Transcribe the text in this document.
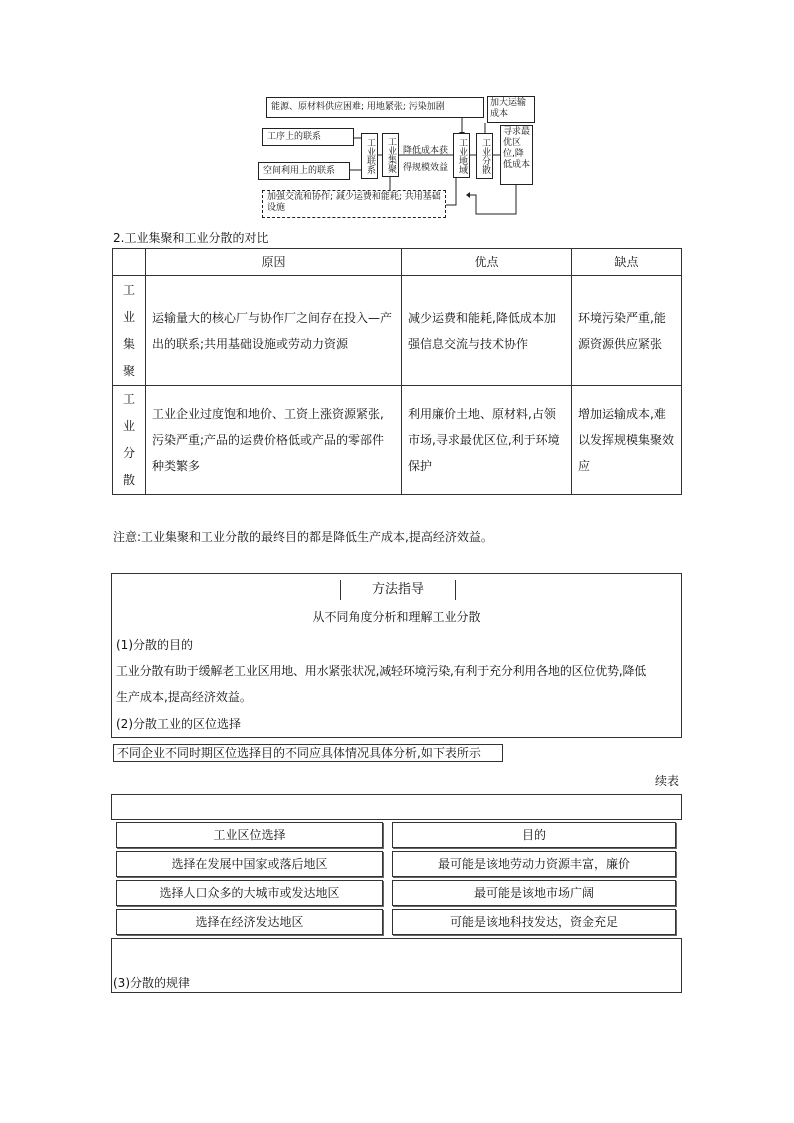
能源、原材料供应困难; 用地紧张; 污染加剧	加大运输成本
工序上的联系
空间利用上的联系	工业联系	工业集聚 降低成本获
得规模效益 工业地域	工业分散
寻求最优区位,降低成本
加强交流和协作; 减少运费和能耗; 共用基础设施
2.工业集聚和工业分散的对比
	原因	优点	缺点

工业集聚	运输量大的核心厂与协作厂之间存在投入—产出的联系;共用基础设施或劳动力资源	减少运费和能耗,降低成本加强信息交流与技术协作	环境污染严重,能源资源供应紧张

工业分散	工业企业过度饱和地价、工资上涨资源紧张,污染严重;产品的运费价格低或产品的零部件种类繁多	利用廉价土地、原材料,占领市场,寻求最优区位,利于环境保护	增加运输成本,难以发挥规模集聚效应
注意:工业集聚和工业分散的最终目的都是降低生产成本,提高经济效益。
方法指导
从不同角度分析和理解工业分散
(1)分散的目的
工业分散有助于缓解老工业区用地、用水紧张状况,减轻环境污染,有利于充分利用各地的区位优势,降低
生产成本,提高经济效益。
(2)分散工业的区位选择
不同企业不同时期区位选择目的不同应具体情况具体分析,如下表所示
续表
工业区位选择	目的
选择在发展中国家或落后地区	最可能是该地劳动力资源丰富，廉价
选择人口众多的大城市或发达地区	最可能是该地市场广阔
选择在经济发达地区	可能是该地科技发达，资金充足
(3)分散的规律
